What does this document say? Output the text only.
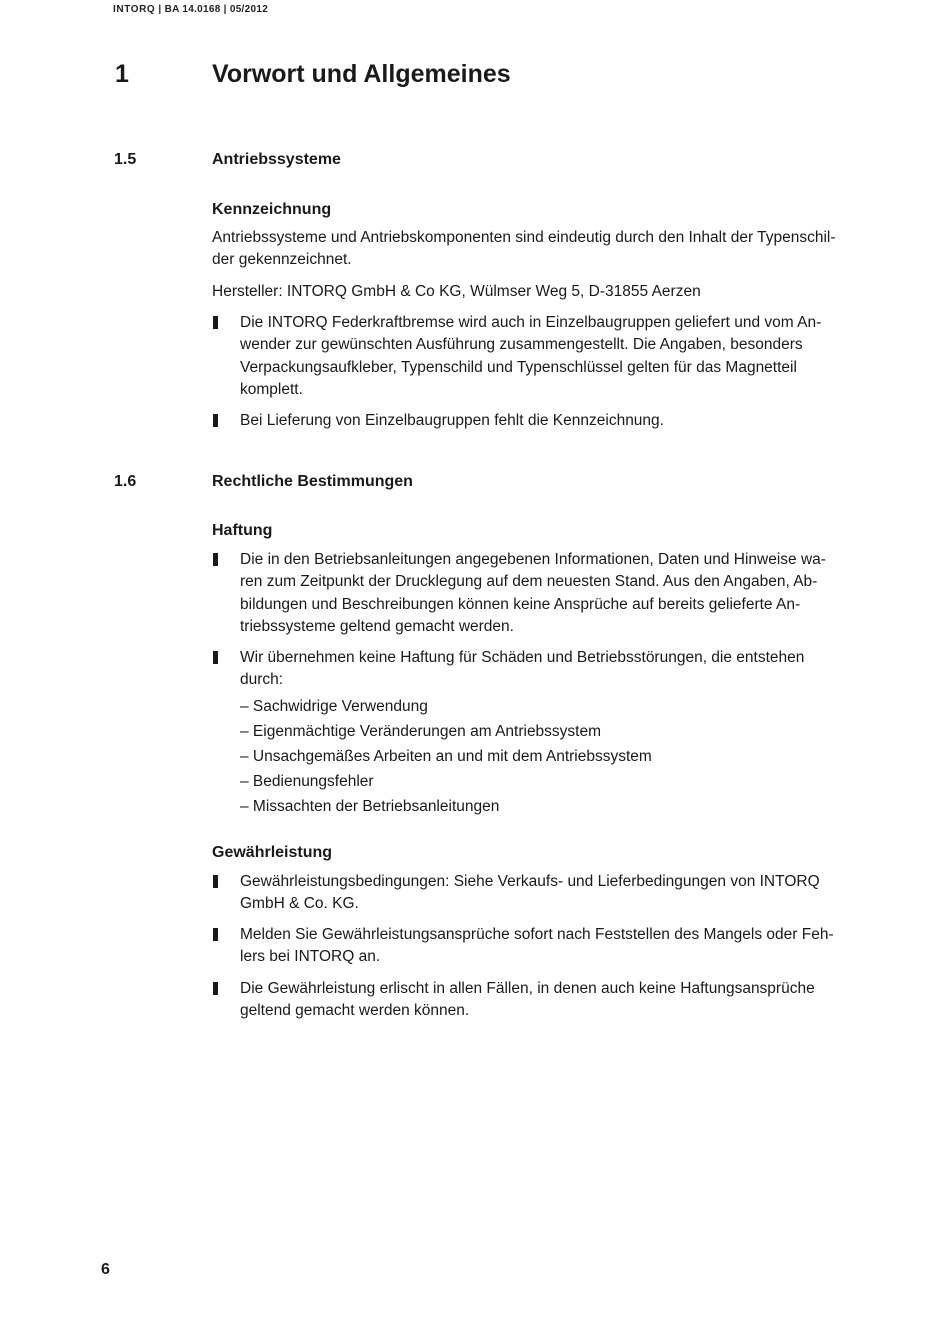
INTORQ | BA 14.0168 | 05/2012
1	Vorwort und Allgemeines
1.5	Antriebssysteme
Kennzeichnung

Antriebssysteme und Antriebskomponenten sind eindeutig durch den Inhalt der Typenschil- der gekennzeichnet.

Hersteller: INTORQ GmbH & Co KG, Wülmser Weg 5, D-31855 Aerzen

Die INTORQ Federkraftbremse wird auch in Einzelbaugruppen geliefert und vom An- wender zur gewünschten Ausführung zusammengestellt. Die Angaben, besonders Verpackungsaufkleber, Typenschild und Typenschlüssel gelten für das Magnetteil komplett.
Bei Lieferung von Einzelbaugruppen fehlt die Kennzeichnung.
1.6	Rechtliche Bestimmungen
Haftung
Die in den Betriebsanleitungen angegebenen Informationen, Daten und Hinweise wa- ren zum Zeitpunkt der Drucklegung auf dem neuesten Stand. Aus den Angaben, Ab- bildungen und Beschreibungen können keine Ansprüche auf bereits gelieferte An- triebssysteme geltend gemacht werden.
Wir übernehmen keine Haftung für Schäden und Betriebsstörungen, die entstehen durch:
– Sachwidrige Verwendung
– Eigenmächtige Veränderungen am Antriebssystem
– Unsachgemäßes Arbeiten an und mit dem Antriebssystem
– Bedienungsfehler
– Missachten der Betriebsanleitungen
Gewährleistung
Gewährleistungsbedingungen: Siehe Verkaufs- und Lieferbedingungen von INTORQ GmbH & Co. KG.
Melden Sie Gewährleistungsansprüche sofort nach Feststellen des Mangels oder Feh- lers bei INTORQ an.
Die Gewährleistung erlischt in allen Fällen, in denen auch keine Haftungsansprüche geltend gemacht werden können.
6
